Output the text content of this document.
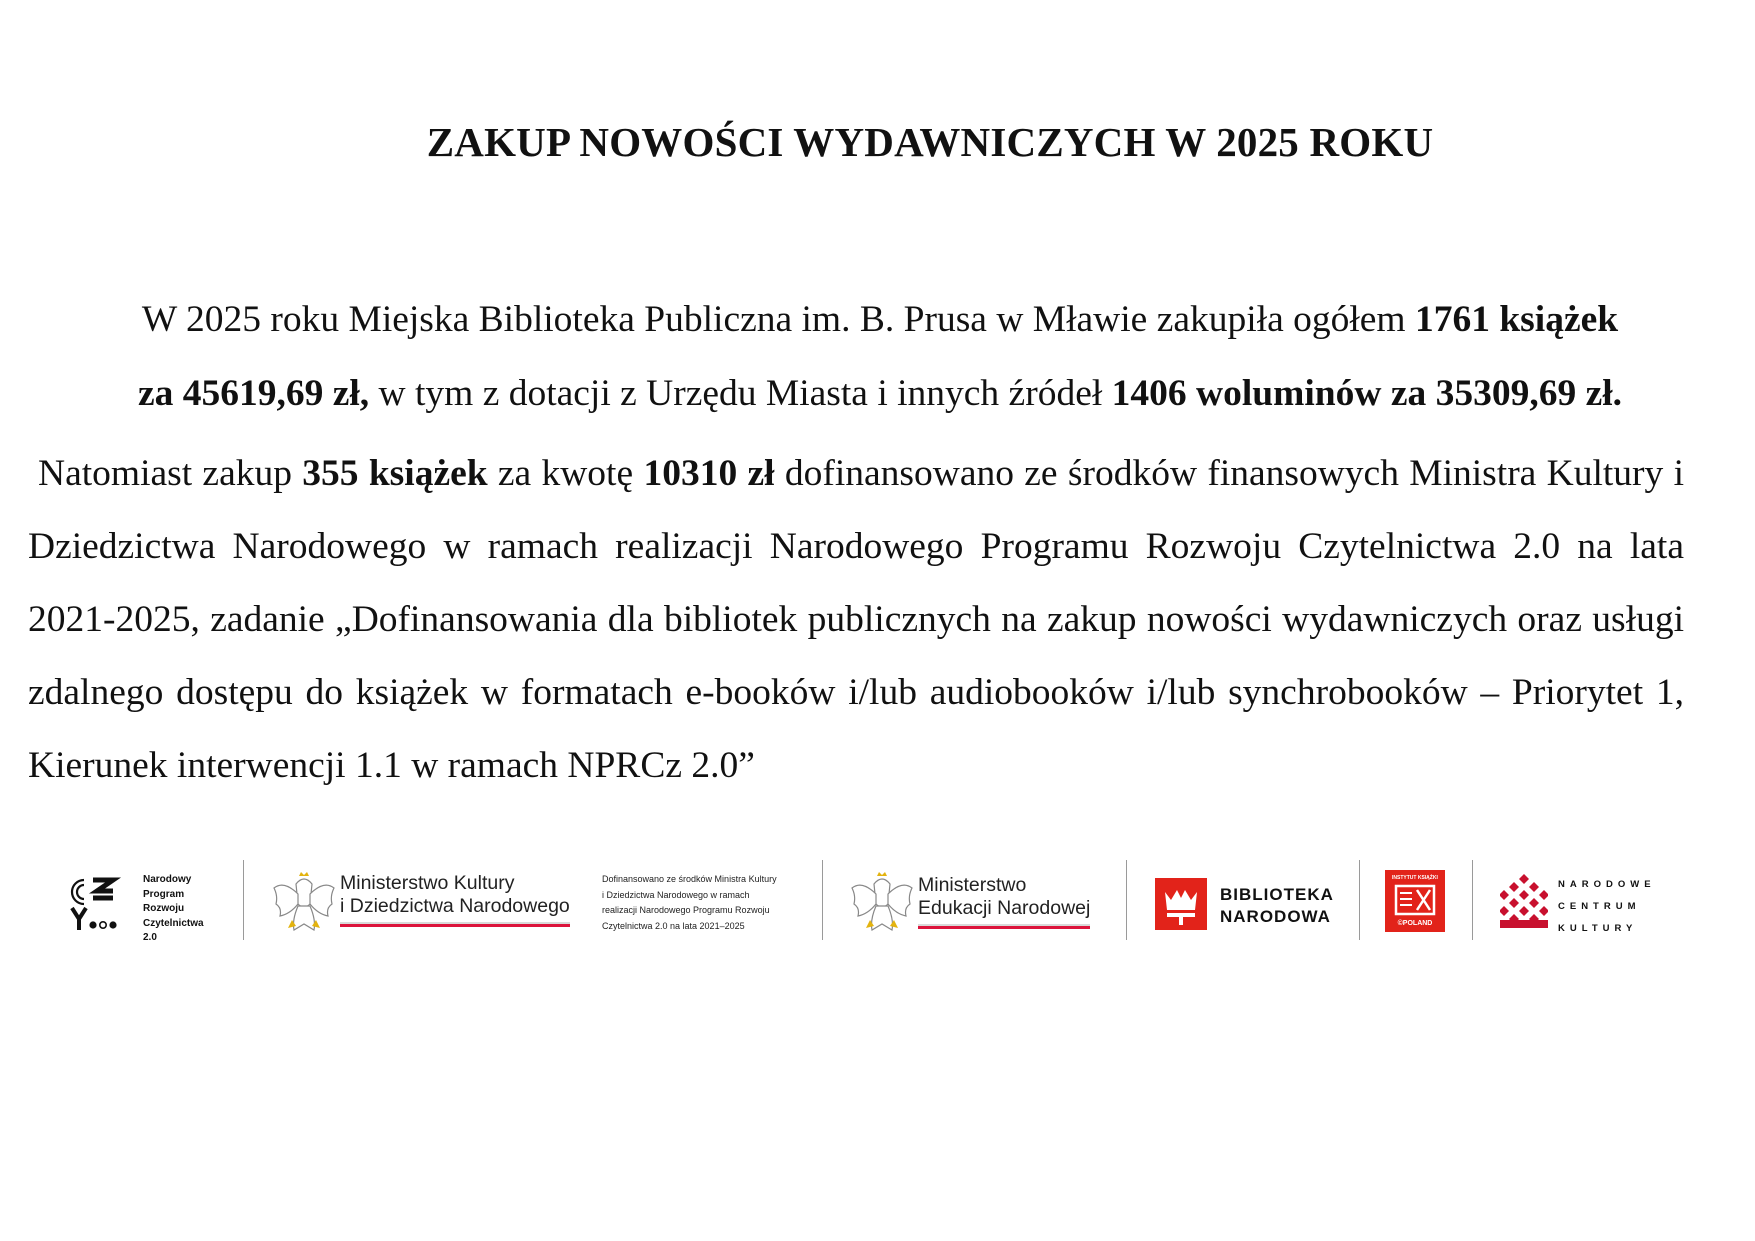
ZAKUP NOWOŚCI WYDAWNICZYCH W 2025 ROKU
W 2025 roku Miejska Biblioteka Publiczna im. B. Prusa w Mławie zakupiła ogółem 1761 książek
za 45619,69 zł, w tym z dotacji z Urzędu Miasta i innych źródeł 1406 woluminów za 35309,69 zł.
Natomiast zakup 355 książek za kwotę 10310 zł dofinansowano ze środków finansowych Ministra Kultury i Dziedzictwa Narodowego w ramach realizacji Narodowego Programu Rozwoju Czytelnictwa 2.0 na lata 2021-2025, zadanie „Dofinansowania dla bibliotek publicznych na zakup nowości wydawniczych oraz usługi zdalnego dostępu do książek w formatach e-booków i/lub audiobooków i/lub synchrobooków – Priorytet 1, Kierunek interwencji 1.1 w ramach NPRCz 2.0”
Narodowy
Program
Rozwoju
Czytelnictwa
2.0
Ministerstwo Kultury
i Dziedzictwa Narodowego
Dofinansowano ze środków Ministra Kultury
i Dziedzictwa Narodowego w ramach
realizacji Narodowego Programu Rozwoju
Czytelnictwa 2.0 na lata 2021–2025
Ministerstwo
Edukacji Narodowej
BIBLIOTEKA
NARODOWA
INSTYTUT KSIĄŻKI
©POLAND
NARODOWE
CENTRUM
KULTURY
